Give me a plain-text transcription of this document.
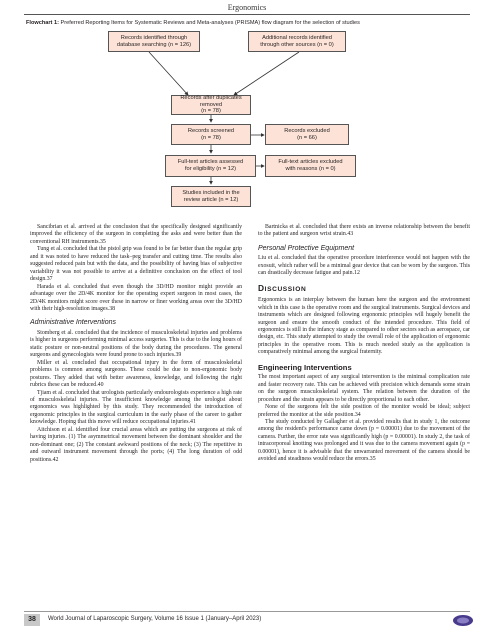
Ergonomics
Flowchart 1: Preferred Reporting Items for Systematic Reviews and Meta-analyses (PRISMA) flow diagram for the selection of studies
Records identified through
database searching (n = 126)
Additional records identified
through other sources (n = 0)
Records after duplicates removed
(n = 78)
Records screened
(n = 78)
Records excluded
(n = 66)
Full-text articles assessed
for eligibility (n = 12)
Full-text articles excluded
with reasons (n = 0)
Studies included in the
review article (n = 12)

Sancibrian et al. arrived at the conclusion that the specifically designed significantly improved the efficiency of the surgeon in completing the asks and were better than the conventional RH instruments.35

Tung et al. concluded that the pistol grip was found to be far better than the regular grip and it was noted to have reduced the task–peg transfer and cutting time. The results also suggested reduced pain but with the data, and the possibility of having bias of subjective variability it was not possible to arrive at a definitive conclusion on the effect of tool design.37

Harada et al. concluded that even though the 3D/HD monitor might provide an advantage over the 2D/4K monitor for the operating expert surgeon in most cases, the 2D/4K monitors might score over these in narrow or finer working areas over the 3D/HD with their high-resolution images.38

Administrative Interventions

Stomberg et al. concluded that the incidence of musculoskeletal injuries and problems is higher in surgeons performing minimal access surgeries. This is due to the long hours of static posture or non-neutral positions of the body during the procedures. The general surgeons and gynecologists were found prone to such injuries.39

Miller et al. concluded that occupational injury in the form of musculoskeletal problems is common among surgeons. These could be due to non-ergonomic body postures. They added that with better awareness, knowledge, and following the right rubrics these can be reduced.40

Tjiam et al. concluded that urologists particularly endourologists experience a high rate of musculoskeletal injuries. The insufficient knowledge among the urologist about ergonomics was highlighted by this study. They recommended the introduction of ergonomic principles in the surgical curriculum in the early phase of the career to gather knowledge. Hoping that this move will reduce occupational injuries.41

Aitchison et al. identified four crucial areas which are putting the surgeons at risk of having injuries. (1) The asymmetrical movement between the dominant shoulder and the non-dominant one; (2) The constant awkward positions of the neck; (3) The repetitive in and outward instrument movement through the ports; (4) The long duration of odd positions.42

Bartnicka et al. concluded that there exists an inverse relationship between the benefit to the patient and surgeon wrist strain.43

Personal Protective Equipment

Liu et al. concluded that the operative procedure interference would not happen with the exosuit, which rather will be a minimal gear device that can be worn by the surgeon. This can drastically decrease fatigue and pain.12

DISCUSSION

Ergonomics is an interplay between the human here the surgeon and the environment which in this case is the operative room and the surgical instruments. Surgical devices and instruments which are designed following ergonomic principles will hugely benefit the surgeon and ensure the smooth conduct of the intended procedure. This field of ergonomics is still in the infancy stage as compared to other sectors such as aerospace, car design, etc. This study attempted to study the overall role of the application of ergonomic principles in the operative room. This is much needed study as the application is comparatively minimal among the surgical fraternity.

Engineering Interventions

The most important aspect of any surgical intervention is the minimal complication rate and faster recovery rate. This can be achieved with precision which demands some strain on the surgeon musculoskeletal system. The relation between the duration of the procedure and the strain appears to be directly proportional to each other.

None of the surgeons felt the side position of the monitor would be ideal; subject preferred the monitor at the side position.34

The study conducted by Gallagher et al. provided results that in study 1, the outcome among the resident's performance came down (p = 0.00001) due to the movement of the camera. Further, the error rate was significantly high (p = 0.00001). In study 2, the task of intracorporeal knotting was prolonged and it was due to the camera movement again (p = 0.00001), hence it is advisable that the unwarranted movement of the camera should be avoided and steadiness would reduce the errors.35

38	World Journal of Laparoscopic Surgery, Volume 16 Issue 1 (January–April 2023)
